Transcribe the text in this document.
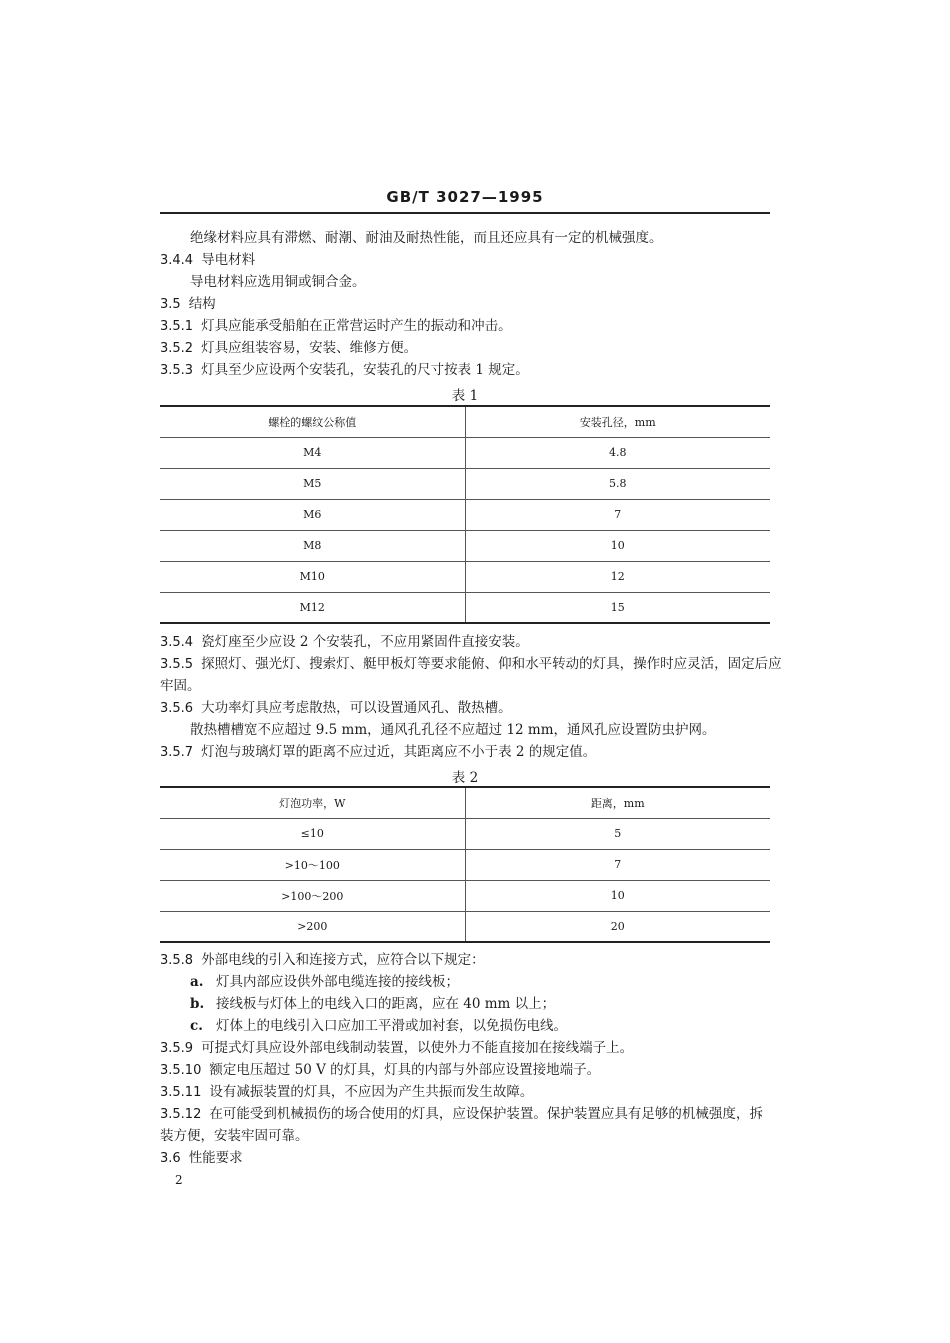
GB/T 3027—1995
绝缘材料应具有滞燃、耐潮、耐油及耐热性能，而且还应具有一定的机械强度。
3.4.4 导电材料
导电材料应选用铜或铜合金。
3.5 结构
3.5.1 灯具应能承受船舶在正常营运时产生的振动和冲击。
3.5.2 灯具应组装容易，安装、维修方便。
3.5.3 灯具至少应设两个安装孔，安装孔的尺寸按表 1 规定。
表 1
螺栓的螺纹公称值	安装孔径，mm
M4	4.8
M5	5.8
M6	7
M8	10
M10	12
M12	15
3.5.4 瓷灯座至少应设 2 个安装孔，不应用紧固件直接安装。
3.5.5 探照灯、强光灯、搜索灯、艇甲板灯等要求能俯、仰和水平转动的灯具，操作时应灵活，固定后应
牢固。
3.5.6 大功率灯具应考虑散热，可以设置通风孔、散热槽。
散热槽槽宽不应超过 9.5 mm，通风孔孔径不应超过 12 mm，通风孔应设置防虫护网。
3.5.7 灯泡与玻璃灯罩的距离不应过近，其距离应不小于表 2 的规定值。
表 2
灯泡功率，W	距离，mm
≤10	5
>10～100	7
>100～200	10
>200	20
3.5.8 外部电线的引入和连接方式，应符合以下规定：
a. 灯具内部应设供外部电缆连接的接线板；
b. 接线板与灯体上的电线入口的距离，应在 40 mm 以上；
c. 灯体上的电线引入口应加工平滑或加衬套，以免损伤电线。
3.5.9 可提式灯具应设外部电线制动装置，以使外力不能直接加在接线端子上。
3.5.10 额定电压超过 50 V 的灯具，灯具的内部与外部应设置接地端子。
3.5.11 设有减振装置的灯具，不应因为产生共振而发生故障。
3.5.12 在可能受到机械损伤的场合使用的灯具，应设保护装置。保护装置应具有足够的机械强度，拆
装方便，安装牢固可靠。
3.6 性能要求
2
